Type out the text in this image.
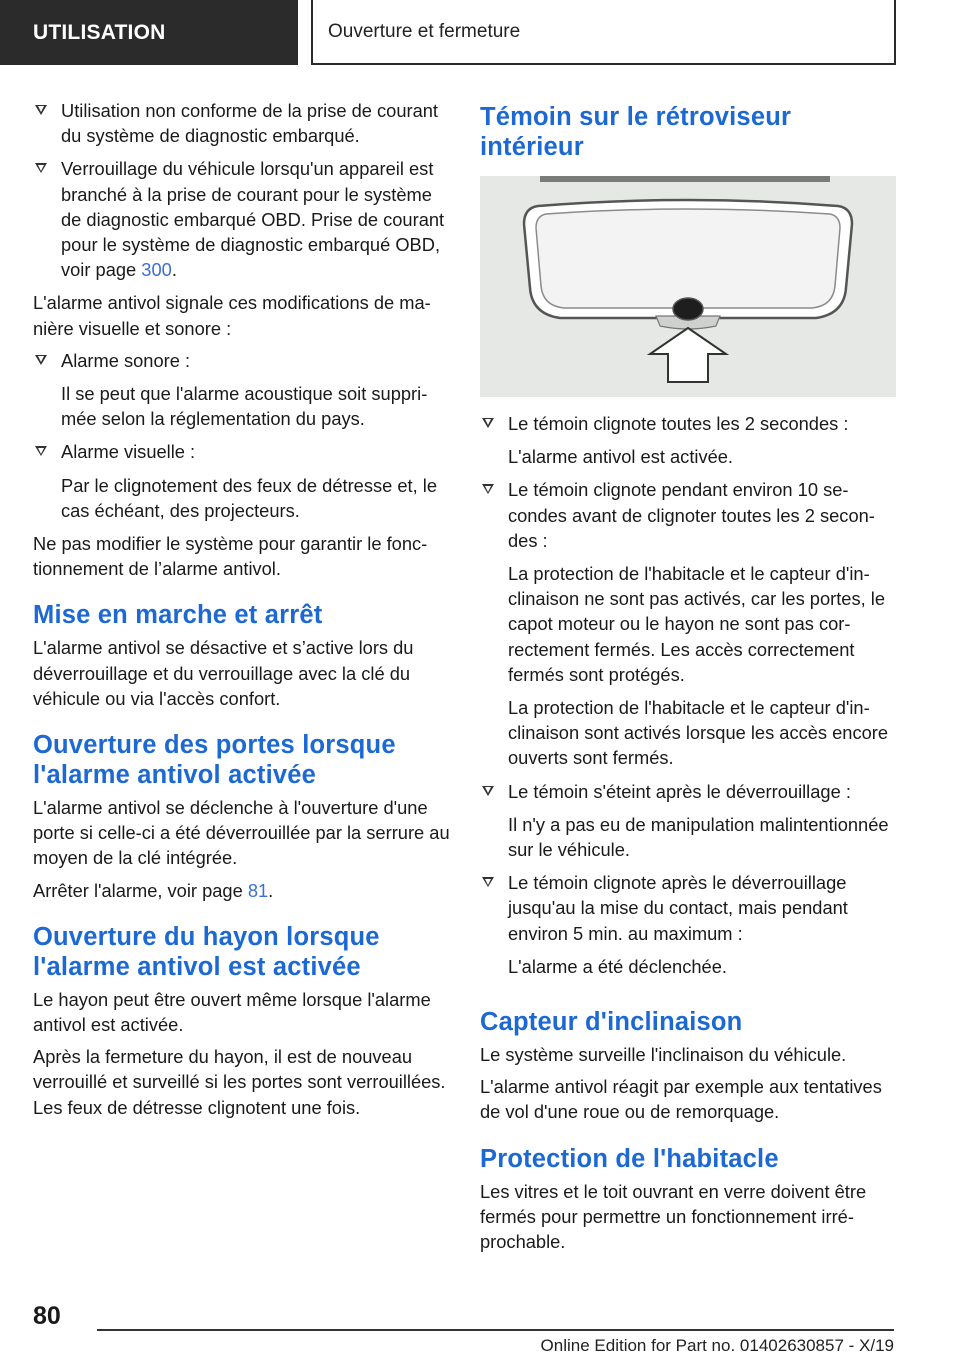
UTILISATION	Ouverture et fermeture
Utilisation non conforme de la prise de courant du système de diagnostic embarqué.
Verrouillage du véhicule lorsqu'un appareil est branché à la prise de courant pour le système de diagnostic embarqué OBD. Prise de courant pour le système de diagnostic embarqué OBD, voir page 300.
L'alarme antivol signale ces modifications de manière visuelle et sonore :
Alarme sonore :
Il se peut que l'alarme acoustique soit supprimée selon la réglementation du pays.
Alarme visuelle :
Par le clignotement des feux de détresse et, le cas échéant, des projecteurs.
Ne pas modifier le système pour garantir le fonctionnement de l’alarme antivol.
Mise en marche et arrêt
L'alarme antivol se désactive et s’active lors du déverrouillage et du verrouillage avec la clé du véhicule ou via l'accès confort.
Ouverture des portes lorsque l'alarme antivol activée
L'alarme antivol se déclenche à l'ouverture d'une porte si celle-ci a été déverrouillée par la serrure au moyen de la clé intégrée.
Arrêter l'alarme, voir page 81.
Ouverture du hayon lorsque l'alarme antivol est activée
Le hayon peut être ouvert même lorsque l'alarme antivol est activée.
Après la fermeture du hayon, il est de nouveau verrouillé et surveillé si les portes sont verrouillées. Les feux de détresse clignotent une fois.
Témoin sur le rétroviseur intérieur
Le témoin clignote toutes les 2 secondes :
L'alarme antivol est activée.
Le témoin clignote pendant environ 10 secondes avant de clignoter toutes les 2 secondes :
La protection de l'habitacle et le capteur d'inclinaison ne sont pas activés, car les portes, le capot moteur ou le hayon ne sont pas correctement fermés. Les accès correctement fermés sont protégés.
La protection de l'habitacle et le capteur d'inclinaison sont activés lorsque les accès encore ouverts sont fermés.
Le témoin s'éteint après le déverrouillage :
Il n'y a pas eu de manipulation malintentionnée sur le véhicule.
Le témoin clignote après le déverrouillage jusqu'au la mise du contact, mais pendant environ 5 min. au maximum :
L'alarme a été déclenchée.
Capteur d'inclinaison
Le système surveille l'inclinaison du véhicule.
L'alarme antivol réagit par exemple aux tentatives de vol d'une roue ou de remorquage.
Protection de l'habitacle
Les vitres et le toit ouvrant en verre doivent être fermés pour permettre un fonctionnement irréprochable.
80
Online Edition for Part no. 01402630857 - X/19
